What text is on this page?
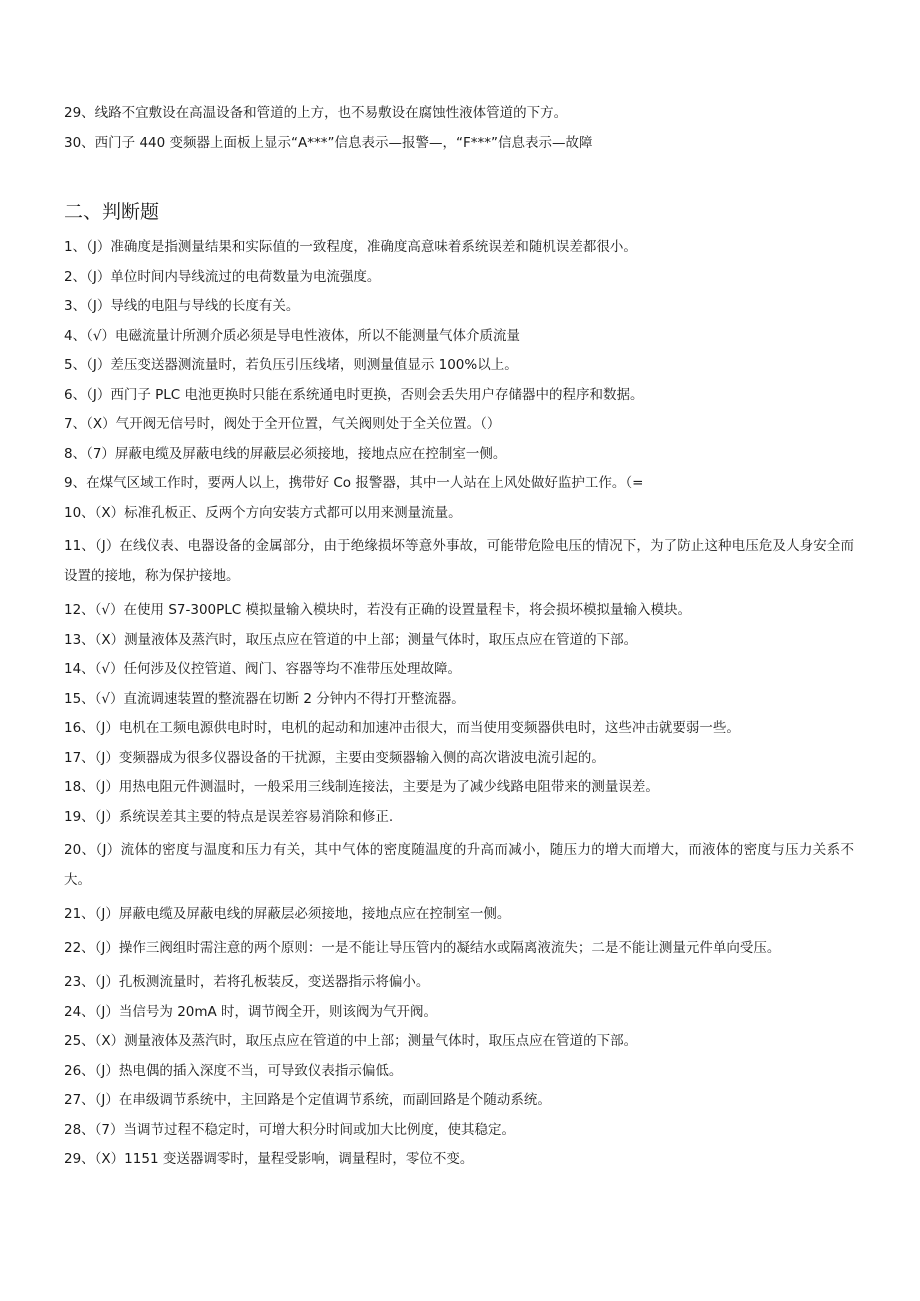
29、线路不宜敷设在高温设备和管道的上方，也不易敷设在腐蚀性液体管道的下方。
30、西门子 440 变频器上面板上显示“A***”信息表示—报警—，“F***”信息表示—故障
二、判断题
1、（J）准确度是指测量结果和实际值的一致程度，准确度高意味着系统误差和随机误差都很小。
2、（J）单位时间内导线流过的电荷数量为电流强度。
3、（J）导线的电阻与导线的长度有关。
4、（√）电磁流量计所测介质必须是导电性液体，所以不能测量气体介质流量
5、（J）差压变送器测流量时，若负压引压线堵，则测量值显示 100%以上。
6、（J）西门子 PLC 电池更换时只能在系统通电时更换，否则会丢失用户存储器中的程序和数据。
7、（X）气开阀无信号时，阀处于全开位置，气关阀则处于全关位置。（）
8、（7）屏蔽电缆及屏蔽电线的屏蔽层必须接地，接地点应在控制室一侧。
9、在煤气区域工作时，要两人以上，携带好 Co 报警器，其中一人站在上风处做好监护工作。（=
10、（X）标准孔板正、反两个方向安装方式都可以用来测量流量。
11、（J）在线仪表、电器设备的金属部分，由于绝缘损坏等意外事故，可能带危险电压的情况下，为了防止这种电压危及人身安全而设置的接地，称为保护接地。
12、（√）在使用 S7-300PLC 模拟量输入模块时，若没有正确的设置量程卡，将会损坏模拟量输入模块。
13、（X）测量液体及蒸汽时，取压点应在管道的中上部；测量气体时，取压点应在管道的下部。
14、（√）任何涉及仪控管道、阀门、容器等均不准带压处理故障。
15、（√）直流调速装置的整流器在切断 2 分钟内不得打开整流器。
16、（J）电机在工频电源供电时时，电机的起动和加速冲击很大，而当使用变频器供电时，这些冲击就要弱一些。
17、（J）变频器成为很多仪器设备的干扰源，主要由变频器输入侧的高次谐波电流引起的。
18、（J）用热电阻元件测温时，一般采用三线制连接法，主要是为了减少线路电阻带来的测量误差。
19、（J）系统误差其主要的特点是误差容易消除和修正.
20、（J）流体的密度与温度和压力有关，其中气体的密度随温度的升高而减小，随压力的增大而增大，而液体的密度与压力关系不大。
21、（J）屏蔽电缆及屏蔽电线的屏蔽层必须接地，接地点应在控制室一侧。
22、（J）操作三阀组时需注意的两个原则：一是不能让导压管内的凝结水或隔离液流失；二是不能让测量元件单向受压。
23、（J）孔板测流量时，若将孔板装反，变送器指示将偏小。
24、（J）当信号为 20mA 时，调节阀全开，则该阀为气开阀。
25、（X）测量液体及蒸汽时，取压点应在管道的中上部；测量气体时，取压点应在管道的下部。
26、（J）热电偶的插入深度不当，可导致仪表指示偏低。
27、（J）在串级调节系统中，主回路是个定值调节系统，而副回路是个随动系统。
28、（7）当调节过程不稳定时，可增大积分时间或加大比例度，使其稳定。
29、（X）1151 变送器调零时，量程受影响，调量程时，零位不变。
